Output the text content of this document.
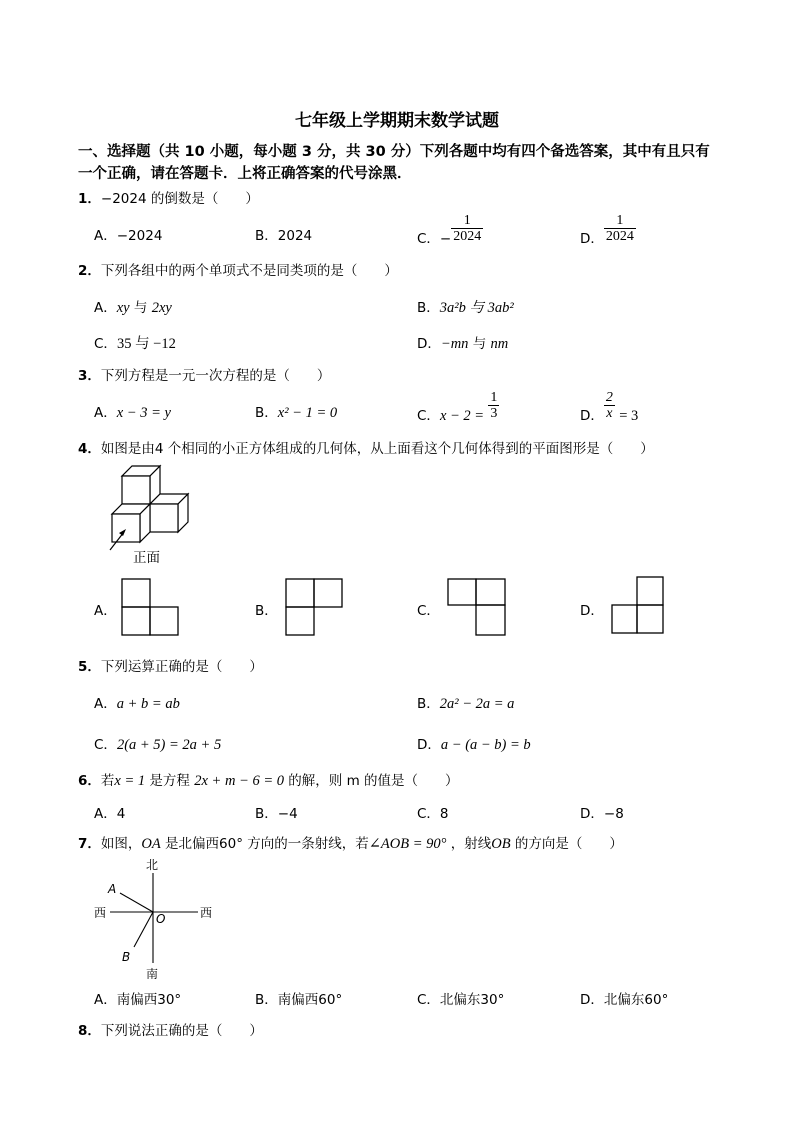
七年级上学期期末数学试题
一、选择题（共 10 小题，每小题 3 分，共 30 分）下列各题中均有四个备选答案，其中有且只有
一个正确，请在答题卡．上将正确答案的代号涂黑．
1．−2024 的倒数是（　　）
A．−2024	B．2024	C．− $\frac{1}{2024}$	D． $\frac{1}{2024}$
2．下列各组中的两个单项式不是同类项的是（　　）
A．xy 与 2xy	B．3a²b 与 3ab²
C．35 与 −12	D．−mn 与 nm
3．下列方程是一元一次方程的是（　　）
A．x − 3 = y	B．x² − 1 = 0	C．$x - 2 = \frac{1}{3}$	D． $\frac{2}{x} = 3$
4．如图是由4 个相同的小正方体组成的几何体，从上面看这个几何体得到的平面图形是（　　）
正面
A．	B．	C．	D．
5．下列运算正确的是（　　）
A．a + b = ab	B．2a² − 2a = a
C．2(a + 5) = 2a + 5	D．a − (a − b) = b
6．若x = 1 是方程 2x + m − 6 = 0 的解，则 m 的值是（　　）
A．4	B．−4	C．8	D．−8
7．如图，OA 是北偏西60° 方向的一条射线，若∠AOB = 90° ，射线OB 的方向是（　　）
北
南
西	西
A
B
O
A．南偏西30°	B．南偏西60°	C．北偏东30°	D．北偏东60°
8．下列说法正确的是（　　）
